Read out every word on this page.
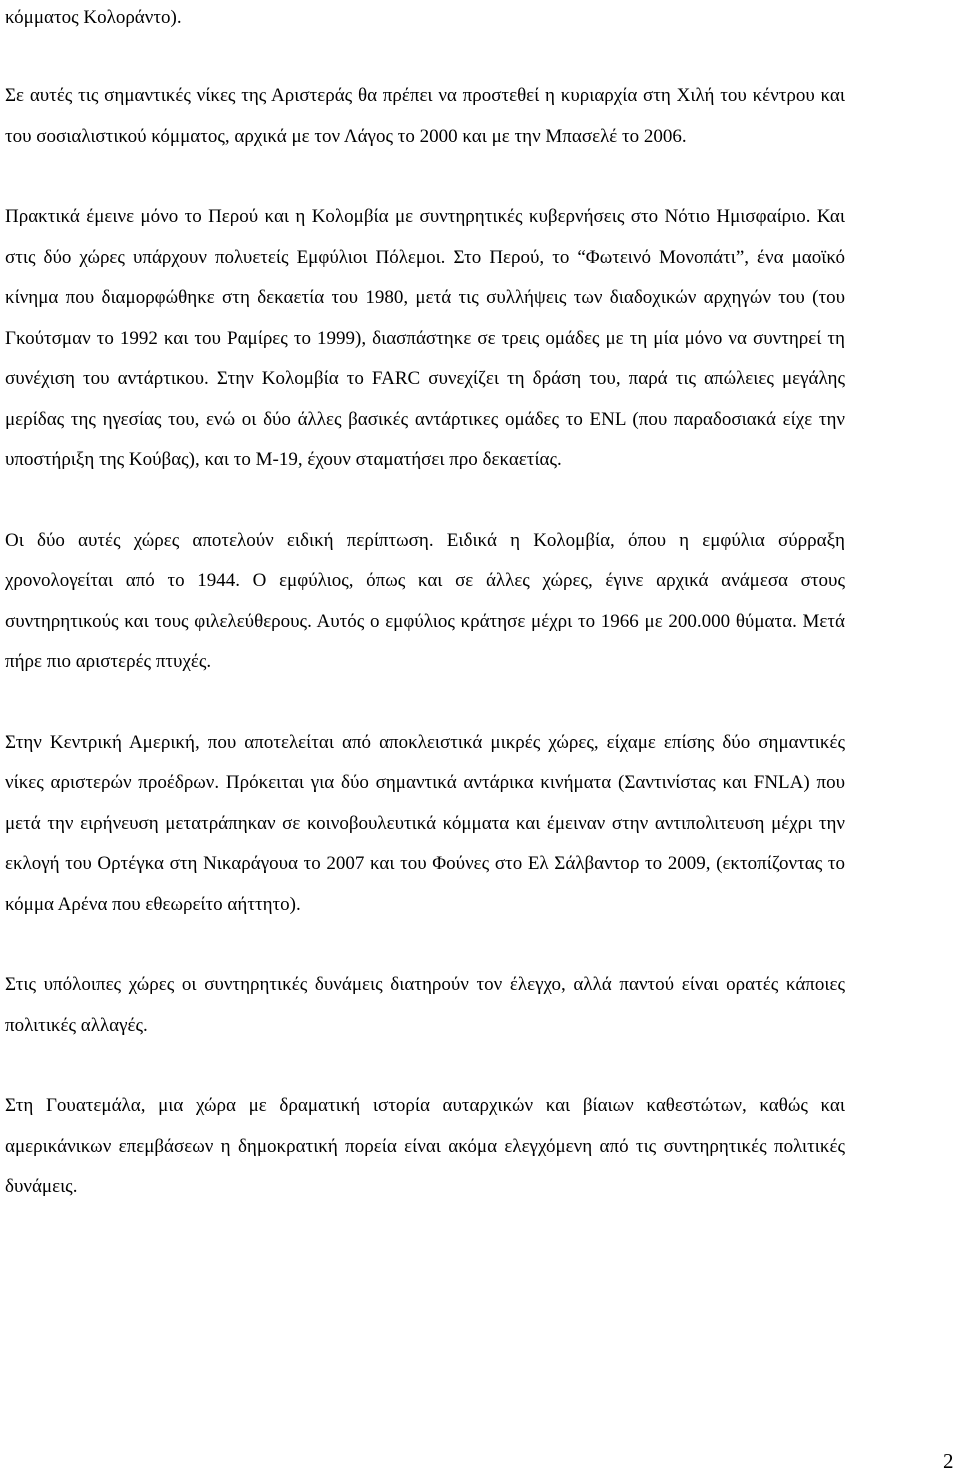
κόμματος Κολοράντο).

Σε αυτές τις σημαντικές νίκες της Αριστεράς θα πρέπει να προστεθεί η κυριαρχία στη Χιλή του κέντρου και του σοσιαλιστικού κόμματος, αρχικά με τον Λάγος το 2000 και με την Μπασελέ το 2006.

Πρακτικά έμεινε μόνο το Περού και η Κολομβία με συντηρητικές κυβερνήσεις στο Νότιο Ημισφαίριο. Και στις δύο χώρες υπάρχουν πολυετείς Εμφύλιοι Πόλεμοι. Στο Περού, το “Φωτεινό Μονοπάτι”, ένα μαοϊκό κίνημα που διαμορφώθηκε στη δεκαετία του 1980, μετά τις συλλήψεις των διαδοχικών αρχηγών του (του Γκούτσμαν το 1992 και του Ραμίρες το 1999), διασπάστηκε σε τρεις ομάδες με τη μία μόνο να συντηρεί τη συνέχιση του αντάρτικου. Στην Κολομβία το FARC συνεχίζει τη δράση του, παρά τις απώλειες μεγάλης μερίδας της ηγεσίας του, ενώ οι δύο άλλες βασικές αντάρτικες ομάδες το ENL (που παραδοσιακά είχε την υποστήριξη της Κούβας), και το Μ-19, έχουν σταματήσει προ δεκαετίας.

Οι δύο αυτές χώρες αποτελούν ειδική περίπτωση. Ειδικά η Κολομβία, όπου η εμφύλια σύρραξη χρονολογείται από το 1944. Ο εμφύλιος, όπως και σε άλλες χώρες, έγινε αρχικά ανάμεσα στους συντηρητικούς και τους φιλελεύθερους. Αυτός ο εμφύλιος κράτησε μέχρι το 1966 με 200.000 θύματα. Μετά πήρε πιο αριστερές πτυχές.

Στην Κεντρική Αμερική, που αποτελείται από αποκλειστικά μικρές χώρες, είχαμε επίσης δύο σημαντικές νίκες αριστερών προέδρων. Πρόκειται για δύο σημαντικά αντάρικα κινήματα (Σαντινίστας και FNLA) που μετά την ειρήνευση μετατράπηκαν σε κοινοβουλευτικά κόμματα και έμειναν στην αντιπολιτευση μέχρι την εκλογή του Ορτέγκα στη Νικαράγουα το 2007 και του Φούνες στο Ελ Σάλβαντορ το 2009, (εκτοπίζοντας το κόμμα Αρένα που εθεωρείτο αήττητο).

Στις υπόλοιπες χώρες οι συντηρητικές δυνάμεις διατηρούν τον έλεγχο, αλλά παντού είναι ορατές κάποιες πολιτικές αλλαγές.

Στη Γουατεμάλα, μια χώρα με δραματική ιστορία αυταρχικών και βίαιων καθεστώτων, καθώς και αμερικάνικων επεμβάσεων η δημοκρατική πορεία είναι ακόμα ελεγχόμενη από τις συντηρητικές πολιτικές δυνάμεις.

2
